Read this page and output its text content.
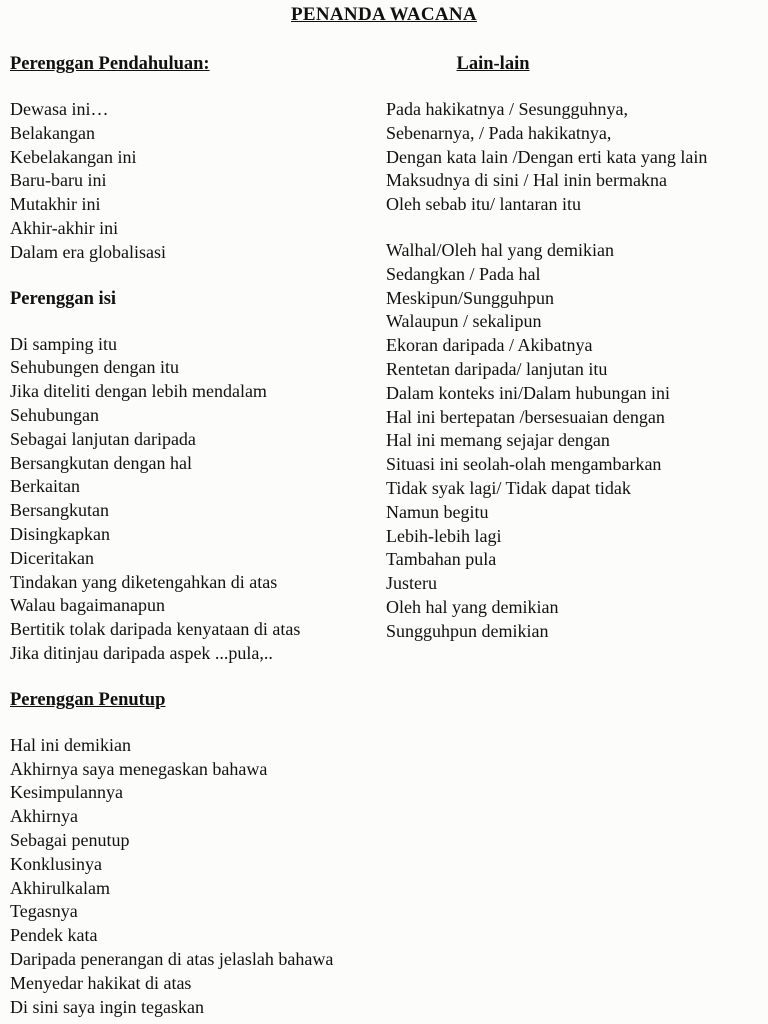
PENANDA WACANA
Perenggan Pendahuluan:
Dewasa ini…
Belakangan
Kebelakangan ini
Baru-baru ini
Mutakhir ini
Akhir-akhir ini
Dalam era globalisasi
Perenggan isi
Di samping itu
Sehubungen dengan itu
Jika diteliti dengan lebih mendalam
Sehubungan
Sebagai lanjutan daripada
Bersangkutan dengan hal
Berkaitan
Bersangkutan
Disingkapkan
Diceritakan
Tindakan yang diketengahkan di atas
Walau bagaimanapun
Bertitik tolak daripada kenyataan di atas
Jika ditinjau daripada aspek ...pula,..
Perenggan Penutup
Hal ini demikian
Akhirnya saya menegaskan bahawa
Kesimpulannya
Akhirnya
Sebagai penutup
Konklusinya
Akhirulkalam
Tegasnya
Pendek kata
Daripada penerangan di atas jelaslah bahawa
Menyedar hakikat di atas
Di sini saya ingin tegaskan
Lain-lain
Pada hakikatnya / Sesungguhnya,
Sebenarnya, / Pada hakikatnya,
Dengan kata lain /Dengan erti kata yang lain
Maksudnya di sini / Hal inin bermakna
Oleh sebab itu/ lantaran itu
Walhal/Oleh hal yang demikian
Sedangkan / Pada hal
Meskipun/Sungguhpun
Walaupun / sekalipun
Ekoran daripada / Akibatnya
Rentetan daripada/ lanjutan itu
Dalam konteks ini/Dalam hubungan ini
Hal ini bertepatan /bersesuaian dengan
Hal ini memang sejajar dengan
Situasi ini seolah-olah mengambarkan
Tidak syak lagi/ Tidak dapat tidak
Namun begitu
Lebih-lebih lagi
Tambahan pula
Justeru
Oleh hal yang demikian
Sungguhpun demikian
